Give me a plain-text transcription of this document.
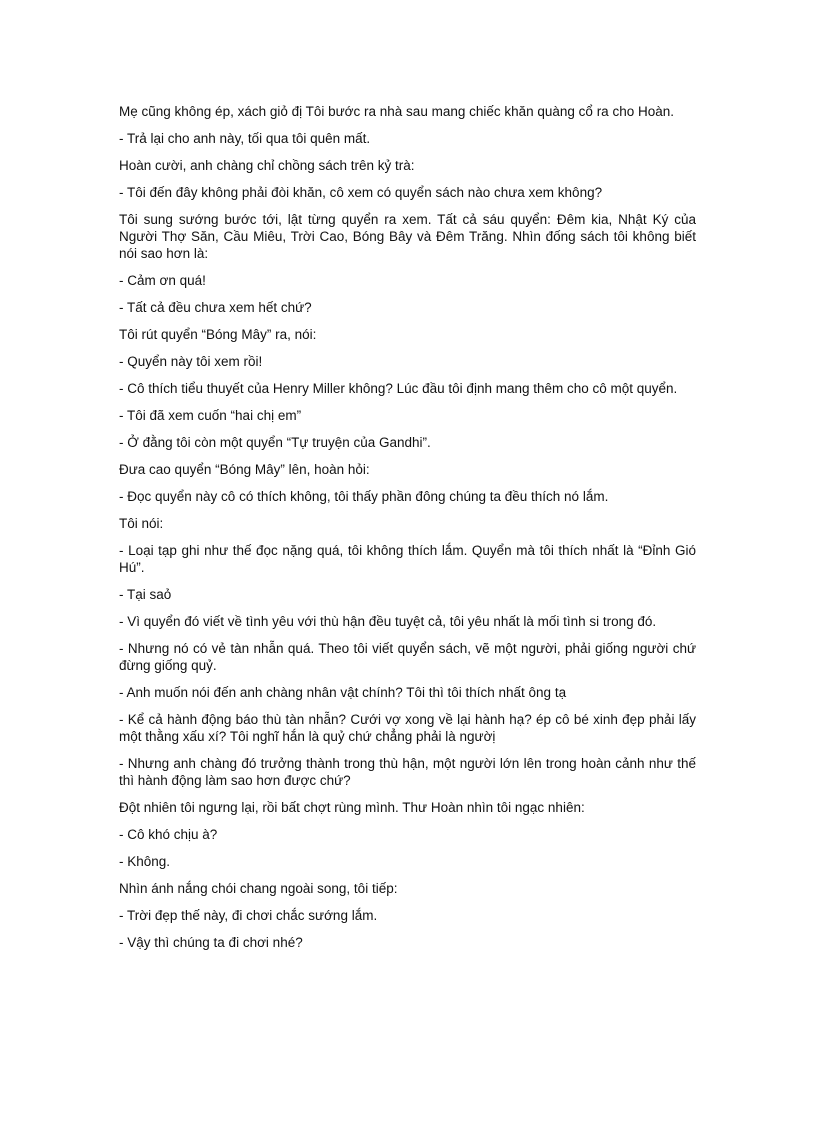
Mẹ cũng không ép, xách giỏ đị Tôi bước ra nhà sau mang chiếc khăn quàng cổ ra cho Hoàn.

- Trả lại cho anh này, tối qua tôi quên mất.

Hoàn cười, anh chàng chỉ chồng sách trên kỷ trà:

- Tôi đến đây không phải đòi khăn, cô xem có quyển sách nào chưa xem không?

Tôi sung sướng bước tới, lật từng quyển ra xem. Tất cả sáu quyển: Đêm kia, Nhật Ký của Người Thợ Săn, Cầu Miêu, Trời Cao, Bóng Bây và Đêm Trăng. Nhìn đống sách tôi không biết nói sao hơn là:

- Cảm ơn quá!

- Tất cả đều chưa xem hết chứ?

Tôi rút quyển “Bóng Mây” ra, nói:

- Quyển này tôi xem rồi!

- Cô thích tiểu thuyết của Henry Miller không? Lúc đầu tôi định mang thêm cho cô một quyển.

- Tôi đã xem cuốn “hai chị em”

- Ở đằng tôi còn một quyển “Tự truyện của Gandhi”.

Đưa cao quyển “Bóng Mây” lên, hoàn hỏi:

- Đọc quyển này cô có thích không, tôi thấy phần đông chúng ta đều thích nó lắm.

Tôi nói:

- Loại tạp ghi như thế đọc nặng quá, tôi không thích lắm. Quyển mà tôi thích nhất là “Đỉnh Gió Hú”.

- Tại saỏ

- Vì quyển đó viết về tình yêu với thù hận đều tuyệt cả, tôi yêu nhất là mối tình si trong đó.

- Nhưng nó có vẻ tàn nhẫn quá. Theo tôi viết quyển sách, vẽ một người, phải giống người chứ đừng giống quỷ.

- Anh muốn nói đến anh chàng nhân vật chính? Tôi thì tôi thích nhất ông tạ

- Kể cả hành động báo thù tàn nhẫn? Cưới vợ xong về lại hành hạ? ép cô bé xinh đẹp phải lấy một thằng xấu xí? Tôi nghĩ hắn là quỷ chứ chẳng phải là ngườị

- Nhưng anh chàng đó trưởng thành trong thù hận, một người lớn lên trong hoàn cảnh như thế thì hành động làm sao hơn được chứ?

Đột nhiên tôi ngưng lại, rồi bất chợt rùng mình. Thư Hoàn nhìn tôi ngạc nhiên:

- Cô khó chịu à?

- Không.

Nhìn ánh nắng chói chang ngoài song, tôi tiếp:

- Trời đẹp thế này, đi chơi chắc sướng lắm.

- Vậy thì chúng ta đi chơi nhé?
